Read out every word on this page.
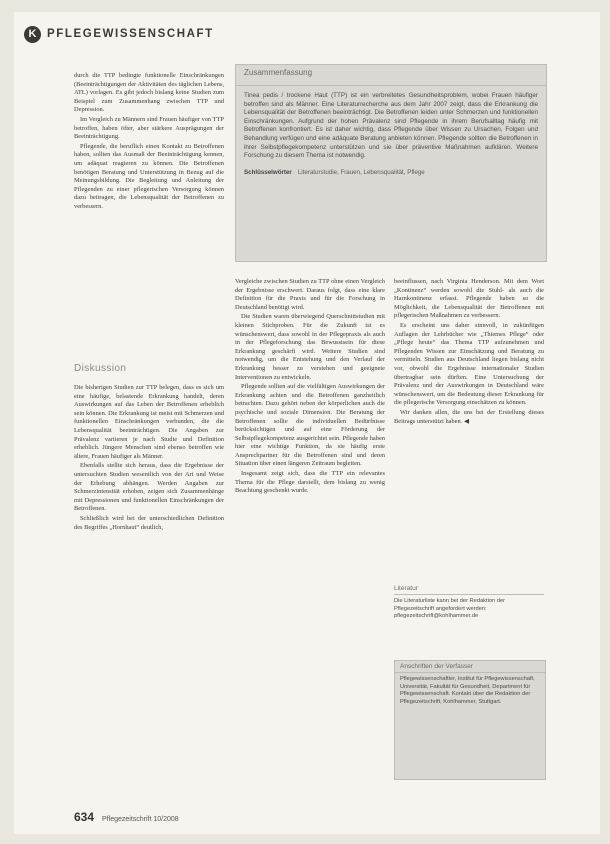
K PFLEGEWISSENSCHAFT

durch die TTP bedingte funktionelle Einschränkungen (Beeinträchtigungen der Aktivitäten des täglichen Lebens, ATL) vorlagen. Es gibt jedoch bislang keine Studien zum Beispiel zum Zusammenhang zwischen TTP und Depression.

Im Vergleich zu Männern sind Frauen häufiger von TTP betroffen, haben öfter, aber stärkere Ausprägungen der Beeinträchtigung.

Pflegende, die beruflich einen Kontakt zu Betroffenen haben, sollten das Ausmaß der Beeinträchtigung kennen, um adäquat reagieren zu können. Die Betroffenen benötigen Beratung und Unterstützung in Bezug auf die Meinungsbildung. Die Begleitung und Anleitung der Pflegenden zu einer pflegerischen Versorgung können dazu beitragen, die Lebensqualität der Betroffenen zu verbessern.

Diskussion

Die bisherigen Studien zur TTP belegen, dass es sich um eine häufige, belastende Erkrankung handelt, deren Auswirkungen auf das Leben der Betroffenen erheblich sein können. Die Erkrankung ist meist mit Schmerzen und funktionellen Einschränkungen verbunden, die die Lebensqualität beeinträchtigen. Die Angaben zur Prävalenz variieren je nach Studie und Definition erheblich. Jüngere Menschen sind ebenso betroffen wie ältere, Frauen häufiger als Männer.

Ebenfalls stellte sich heraus, dass die Ergebnisse der untersuchten Studien wesentlich von der Art und Weise der Erhebung abhängen. Werden Angaben zur Schmerzintensität erhoben, zeigen sich Zusammenhänge mit Depressionen und funktionellen Einschränkungen der Betroffenen.

Schließlich wird bei der unterschiedlichen Definition des Begriffes „Hornhaut“ deutlich,

Zusammenfassung
Tinea pedis / trockene Haut (TTP) ist ein verbreitetes Gesundheitsproblem, wobei Frauen häufiger betroffen sind als Männer. Eine Literaturrecherche aus dem Jahr 2007 zeigt, dass die Erkrankung die Lebensqualität der Betroffenen beeinträchtigt. Die Betroffenen leiden unter Schmerzen und funktionellen Einschränkungen. Aufgrund der hohen Prävalenz sind Pflegende in ihrem Berufsalltag häufig mit Betroffenen konfrontiert. Es ist daher wichtig, dass Pflegende über Wissen zu Ursachen, Folgen und Behandlung verfügen und eine adäquate Beratung anbieten können. Pflegende sollten die Betroffenen in ihrer Selbstpflegekompetenz unterstützen und sie über präventive Maßnahmen aufklären. Weitere Forschung zu diesem Thema ist notwendig.
Schlüsselwörter Literaturstudie, Frauen, Lebensqualität, Pflege

Vergleiche zwischen Studien zu TTP ohne einen Vergleich der Ergebnisse erschwert. Daraus folgt, dass eine klare Definition für die Praxis und für die Forschung in Deutschland benötigt wird.

Die Studien waren überwiegend Querschnittstudien mit kleinen Stichproben. Für die Zukunft ist es wünschenswert, dass sowohl in der Pflegepraxis als auch in der Pflegeforschung das Bewusstsein für diese Erkrankung geschärft wird. Weitere Studien sind notwendig, um die Entstehung und den Verlauf der Erkrankung besser zu verstehen und geeignete Interventionen zu entwickeln.

Pflegende sollten auf die vielfältigen Auswirkungen der Erkrankung achten und die Betroffenen ganzheitlich betrachten. Dazu gehört neben der körperlichen auch die psychische und soziale Dimension. Die Beratung der Betroffenen sollte die individuellen Bedürfnisse berücksichtigen und auf eine Förderung der Selbstpflegekompetenz ausgerichtet sein. Pflegende haben hier eine wichtige Funktion, da sie häufig erste Ansprechpartner für die Betroffenen sind und deren Situation über einen längeren Zeitraum begleiten.

Insgesamt zeigt sich, dass die TTP ein relevantes Thema für die Pflege darstellt, dem bislang zu wenig Beachtung geschenkt wurde.

beeinflussen, nach Virginia Henderson. Mit dem Wort „Kontinenz“ werden sowohl die Stuhl- als auch die Harnkontinenz erfasst. Pflegende haben so die Möglichkeit, die Lebensqualität der Betroffenen mit pflegerischen Maßnahmen zu verbessern.

Es erscheint uns daher sinnvoll, in zukünftigen Auflagen der Lehrbücher wie „Thiemes Pflege“ oder „Pflege heute“ das Thema TTP aufzunehmen und Pflegenden Wissen zur Einschätzung und Beratung zu vermitteln. Studien aus Deutschland liegen bislang nicht vor, obwohl die Ergebnisse internationaler Studien übertragbar sein dürften. Eine Untersuchung der Prävalenz und der Auswirkungen in Deutschland wäre wünschenswert, um die Bedeutung dieser Erkrankung für die pflegerische Versorgung einschätzen zu können.

Wir danken allen, die uns bei der Erstellung dieses Beitrags unterstützt haben. ◀

Literatur
Die Literaturliste kann bei der Redaktion der Pflegezeitschrift angefordert werden: pflegezeitschrift@kohlhammer.de
Anschriften der Verfasser
Pflegewissenschaftler, Institut für Pflegewissenschaft, Universität, Fakultät für Gesundheit, Department für Pflegewissenschaft. Kontakt über die Redaktion der Pflegezeitschrift, Kohlhammer, Stuttgart.
634 Pflegezeitschrift 10/2008
